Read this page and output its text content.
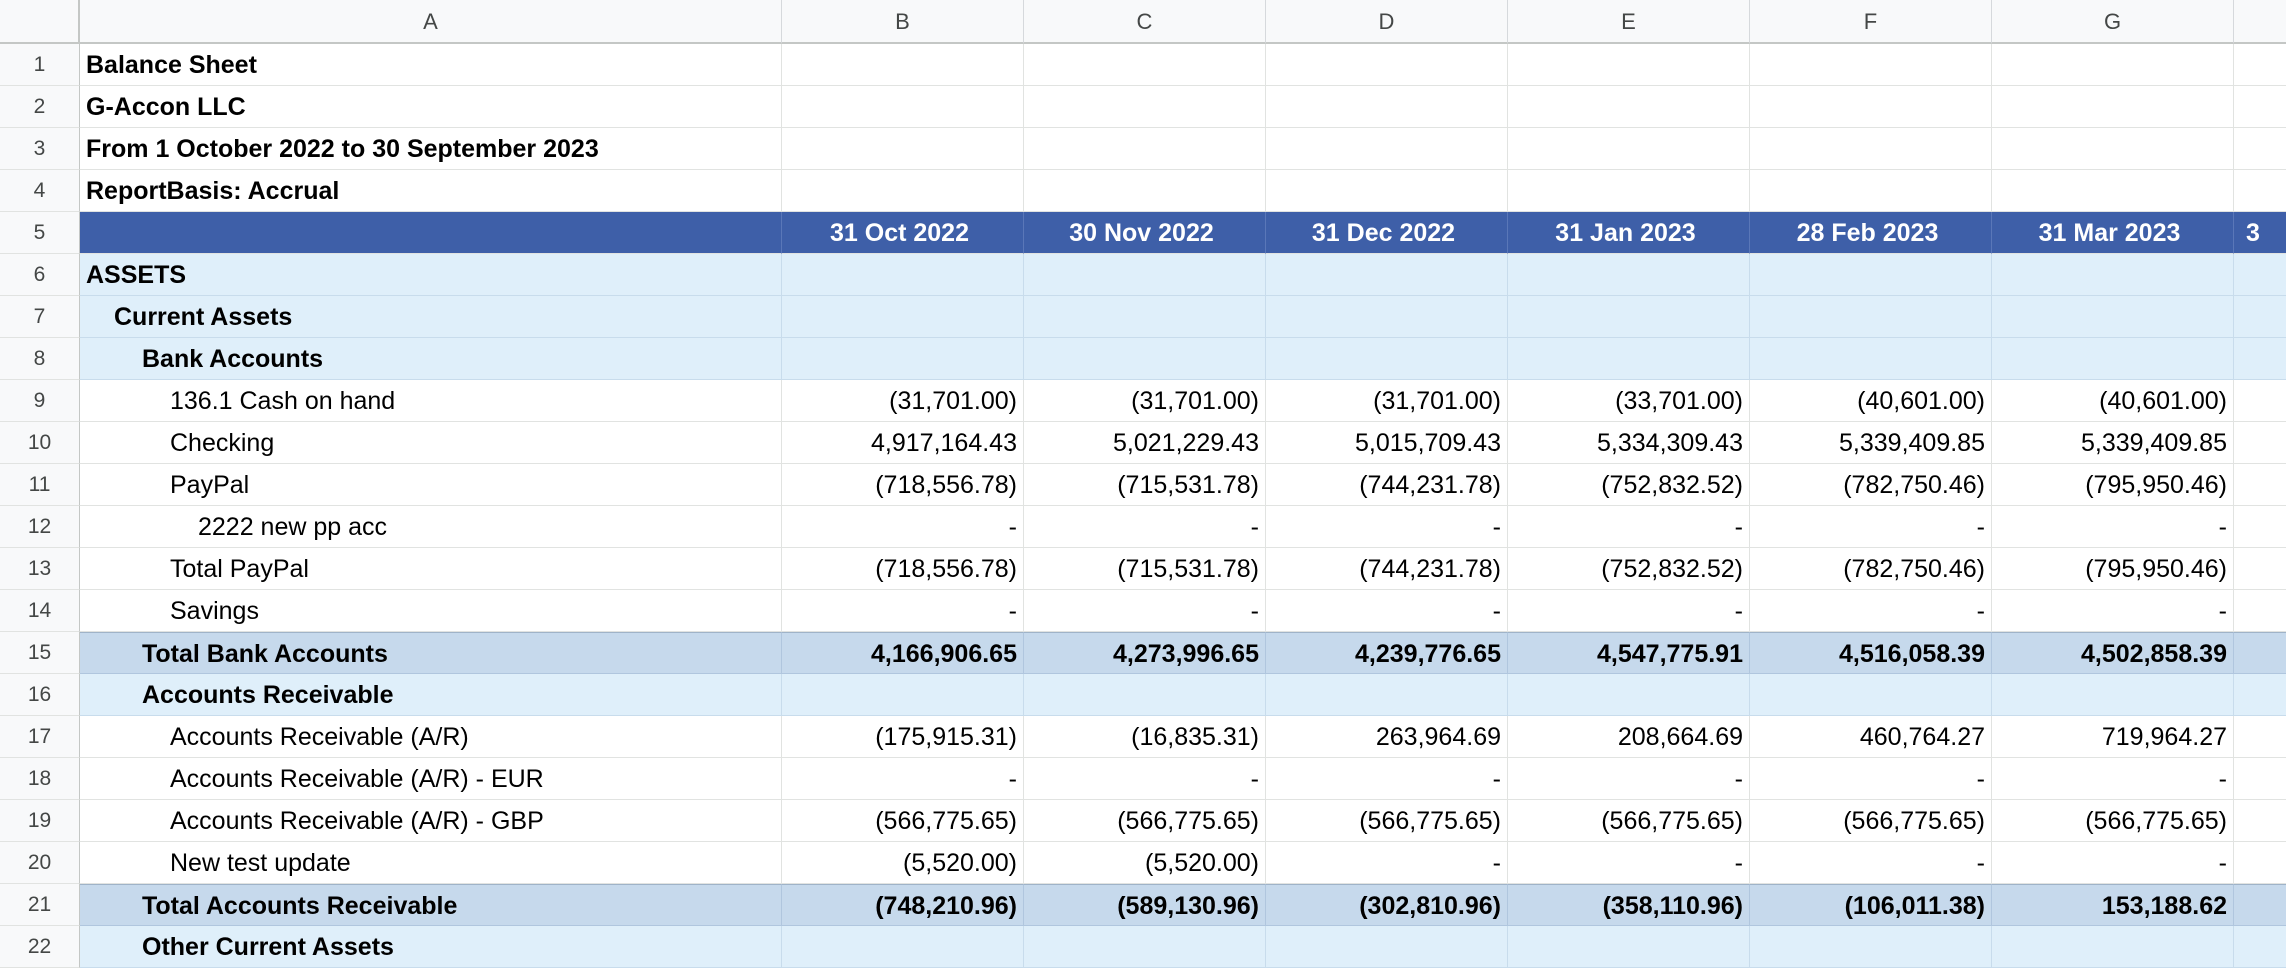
A	B	C	D	E	F	G
1	Balance Sheet
2	G-Accon LLC
3	From 1 October 2022 to 30 September 2023
4	ReportBasis: Accrual
5	31 Oct 2022	30 Nov 2022	31 Dec 2022	31 Jan 2023	28 Feb 2023	31 Mar 2023	3
6	ASSETS
7	Current Assets
8	Bank Accounts
9	136.1 Cash on hand	(31,701.00)	(31,701.00)	(31,701.00)	(33,701.00)	(40,601.00)	(40,601.00)
10	Checking	4,917,164.43	5,021,229.43	5,015,709.43	5,334,309.43	5,339,409.85	5,339,409.85
11	PayPal	(718,556.78)	(715,531.78)	(744,231.78)	(752,832.52)	(782,750.46)	(795,950.46)
12	2222 new pp acc	-	-	-	-	-	-
13	Total PayPal	(718,556.78)	(715,531.78)	(744,231.78)	(752,832.52)	(782,750.46)	(795,950.46)
14	Savings	-	-	-	-	-	-
15	Total Bank Accounts	4,166,906.65	4,273,996.65	4,239,776.65	4,547,775.91	4,516,058.39	4,502,858.39
16	Accounts Receivable
17	Accounts Receivable (A/R)	(175,915.31)	(16,835.31)	263,964.69	208,664.69	460,764.27	719,964.27
18	Accounts Receivable (A/R) - EUR	-	-	-	-	-	-
19	Accounts Receivable (A/R) - GBP	(566,775.65)	(566,775.65)	(566,775.65)	(566,775.65)	(566,775.65)	(566,775.65)
20	New test update	(5,520.00)	(5,520.00)	-	-	-	-
21	Total Accounts Receivable	(748,210.96)	(589,130.96)	(302,810.96)	(358,110.96)	(106,011.38)	153,188.62
22	Other Current Assets
